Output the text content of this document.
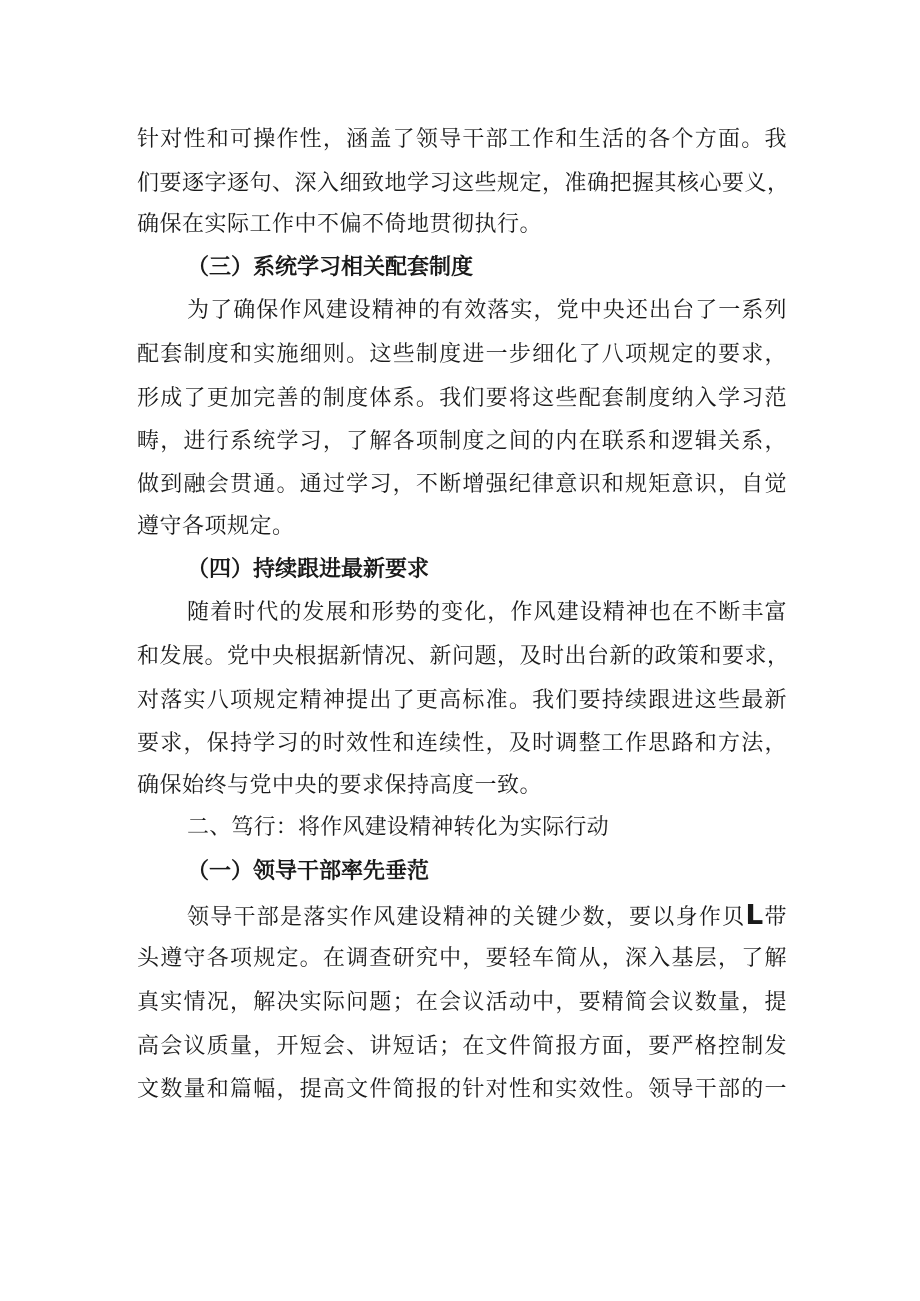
针对性和可操作性，涵盖了领导干部工作和生活的各个方面。我
们要逐字逐句、深入细致地学习这些规定，准确把握其核心要义，
确保在实际工作中不偏不倚地贯彻执行。
（三）系统学习相关配套制度
为了确保作风建设精神的有效落实，党中央还出台了一系列
配套制度和实施细则。这些制度进一步细化了八项规定的要求，
形成了更加完善的制度体系。我们要将这些配套制度纳入学习范
畴，进行系统学习，了解各项制度之间的内在联系和逻辑关系，
做到融会贯通。通过学习，不断增强纪律意识和规矩意识，自觉
遵守各项规定。
（四）持续跟进最新要求
随着时代的发展和形势的变化，作风建设精神也在不断丰富
和发展。党中央根据新情况、新问题，及时出台新的政策和要求，
对落实八项规定精神提出了更高标准。我们要持续跟进这些最新
要求，保持学习的时效性和连续性，及时调整工作思路和方法，
确保始终与党中央的要求保持高度一致。
二、笃行：将作风建设精神转化为实际行动
（一）领导干部率先垂范
领导干部是落实作风建设精神的关键少数，要以身作贝L带
头遵守各项规定。在调查研究中，要轻车简从，深入基层，了解
真实情况，解决实际问题；在会议活动中，要精简会议数量，提
高会议质量，开短会、讲短话；在文件简报方面，要严格控制发
文数量和篇幅，提高文件简报的针对性和实效性。领导干部的一
